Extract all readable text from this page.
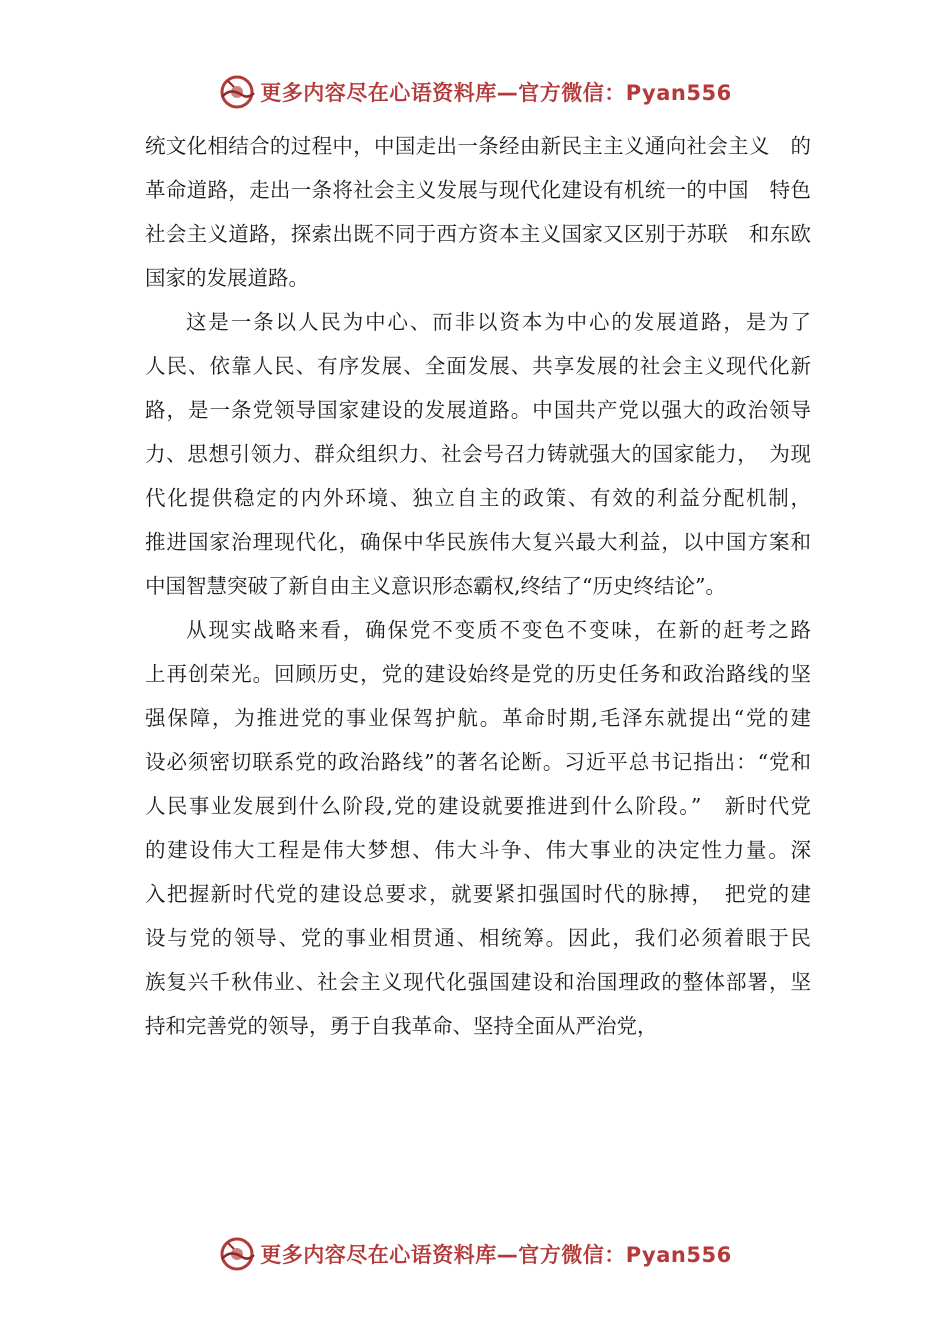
更多内容尽在心语资料库—官方微信：Pyan556
统文化相结合的过程中，中国走出一条经由新民主主义通向社会主义　的
革命道路，走出一条将社会主义发展与现代化建设有机统一的中国　特色
社会主义道路，探索出既不同于西方资本主义国家又区别于苏联　和东欧
国家的发展道路。
这是一条以人民为中心、而非以资本为中心的发展道路，是为了
人民、依靠人民、有序发展、全面发展、共享发展的社会主义现代化新
路，是一条党领导国家建设的发展道路。中国共产党以强大的政治领导
力、思想引领力、群众组织力、社会号召力铸就强大的国家能力，　为现
代化提供稳定的内外环境、独立自主的政策、有效的利益分配机制，
推进国家治理现代化，确保中华民族伟大复兴最大利益，以中国方案和
中国智慧突破了新自由主义意识形态霸权,终结了“历史终结论”。
从现实战略来看，确保党不变质不变色不变味，在新的赶考之路
上再创荣光。回顾历史，党的建设始终是党的历史任务和政治路线的坚
强保障，为推进党的事业保驾护航。革命时期,毛泽东就提出“党的建
设必须密切联系党的政治路线”的著名论断。习近平总书记指出：“党和
人民事业发展到什么阶段,党的建设就要推进到什么阶段。”　新时代党
的建设伟大工程是伟大梦想、伟大斗争、伟大事业的决定性力量。深
入把握新时代党的建设总要求，就要紧扣强国时代的脉搏，　把党的建
设与党的领导、党的事业相贯通、相统筹。因此，我们必须着眼于民
族复兴千秋伟业、社会主义现代化强国建设和治国理政的整体部署，坚
持和完善党的领导，勇于自我革命、坚持全面从严治党，
更多内容尽在心语资料库—官方微信：Pyan556
